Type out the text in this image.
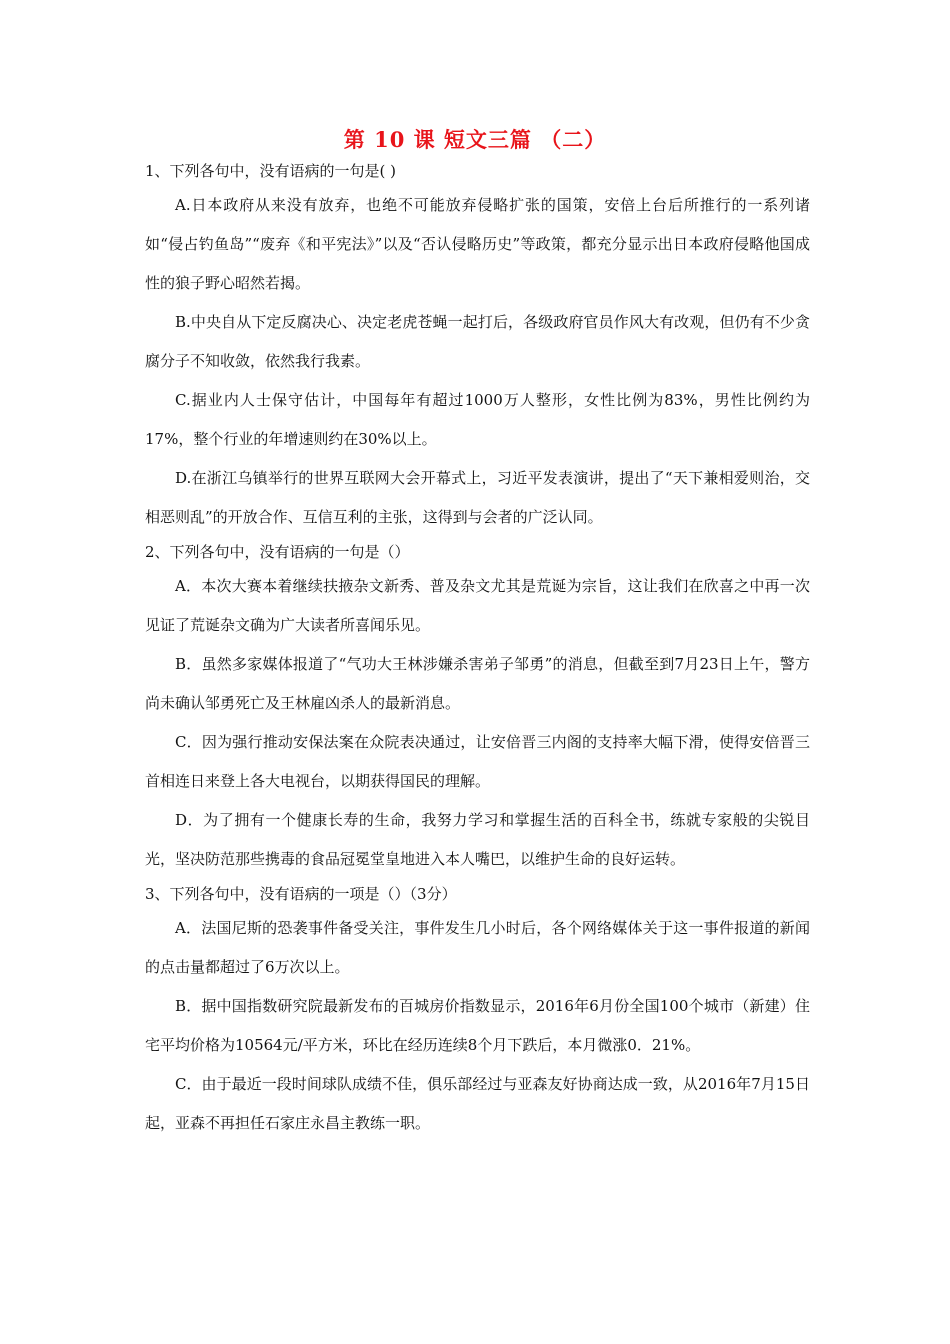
第 10 课 短文三篇 （二）

1、下列各句中，没有语病的一句是( )

A.日本政府从来没有放弃，也绝不可能放弃侵略扩张的国策，安倍上台后所推行的一系列诸如“侵占钓鱼岛”“废弃《和平宪法》”以及“否认侵略历史”等政策，都充分显示出日本政府侵略他国成性的狼子野心昭然若揭。

B.中央自从下定反腐决心、决定老虎苍蝇一起打后，各级政府官员作风大有改观，但仍有不少贪腐分子不知收敛，依然我行我素。

C.据业内人士保守估计，中国每年有超过1000万人整形，女性比例为83%，男性比例约为17%，整个行业的年增速则约在30%以上。

D.在浙江乌镇举行的世界互联网大会开幕式上，习近平发表演讲，提出了“天下兼相爱则治，交相恶则乱”的开放合作、互信互利的主张，这得到与会者的广泛认同。

2、下列各句中，没有语病的一句是（）

A．本次大赛本着继续扶掖杂文新秀、普及杂文尤其是荒诞为宗旨，这让我们在欣喜之中再一次见证了荒诞杂文确为广大读者所喜闻乐见。

B．虽然多家媒体报道了“气功大王林涉嫌杀害弟子邹勇”的消息，但截至到7月23日上午，警方尚未确认邹勇死亡及王林雇凶杀人的最新消息。

C．因为强行推动安保法案在众院表决通过，让安倍晋三内阁的支持率大幅下滑，使得安倍晋三首相连日来登上各大电视台，以期获得国民的理解。

D．为了拥有一个健康长寿的生命，我努力学习和掌握生活的百科全书，练就专家般的尖锐目光，坚决防范那些携毒的食品冠冕堂皇地进入本人嘴巴，以维护生命的良好运转。

3、下列各句中，没有语病的一项是（）（3分）

A．法国尼斯的恐袭事件备受关注，事件发生几小时后，各个网络媒体关于这一事件报道的新闻的点击量都超过了6万次以上。

B．据中国指数研究院最新发布的百城房价指数显示，2016年6月份全国100个城市（新建）住宅平均价格为10564元/平方米，环比在经历连续8个月下跌后，本月微涨0．21%。

C．由于最近一段时间球队成绩不佳，俱乐部经过与亚森友好协商达成一致，从2016年7月15日起，亚森不再担任石家庄永昌主教练一职。
